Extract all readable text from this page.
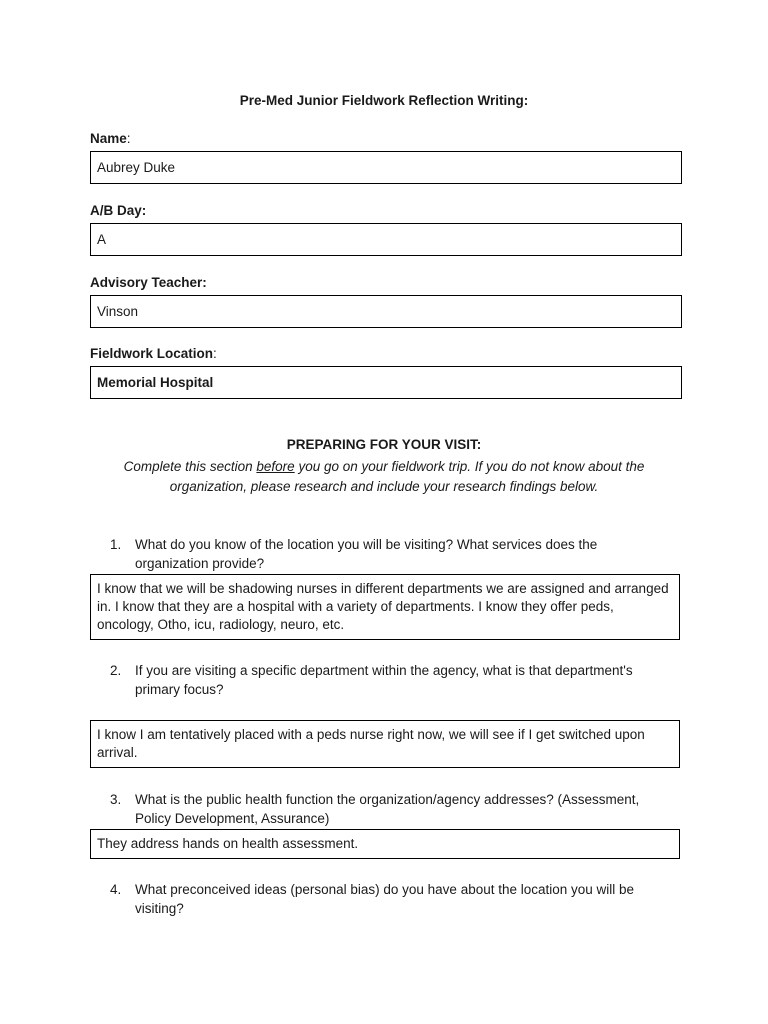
Pre-Med Junior Fieldwork Reflection Writing:
Name:
Aubrey Duke
A/B Day:
A
Advisory Teacher:
Vinson
Fieldwork Location:
Memorial Hospital
PREPARING FOR YOUR VISIT:
Complete this section before you go on your fieldwork trip. If you do not know about the organization, please research and include your research findings below.
1.	What do you know of the location you will be visiting? What services does the organization provide?
I know that we will be shadowing nurses in different departments we are assigned and arranged in. I know that they are a hospital with a variety of departments. I know they offer peds, oncology, Otho, icu, radiology, neuro, etc.
2.	If you are visiting a specific department within the agency, what is that department's primary focus?
I know I am tentatively placed with a peds nurse right now, we will see if I get switched upon arrival.
3.	What is the public health function the organization/agency addresses? (Assessment, Policy Development, Assurance)
They address hands on health assessment.
4.	What preconceived ideas (personal bias) do you have about the location you will be visiting?
